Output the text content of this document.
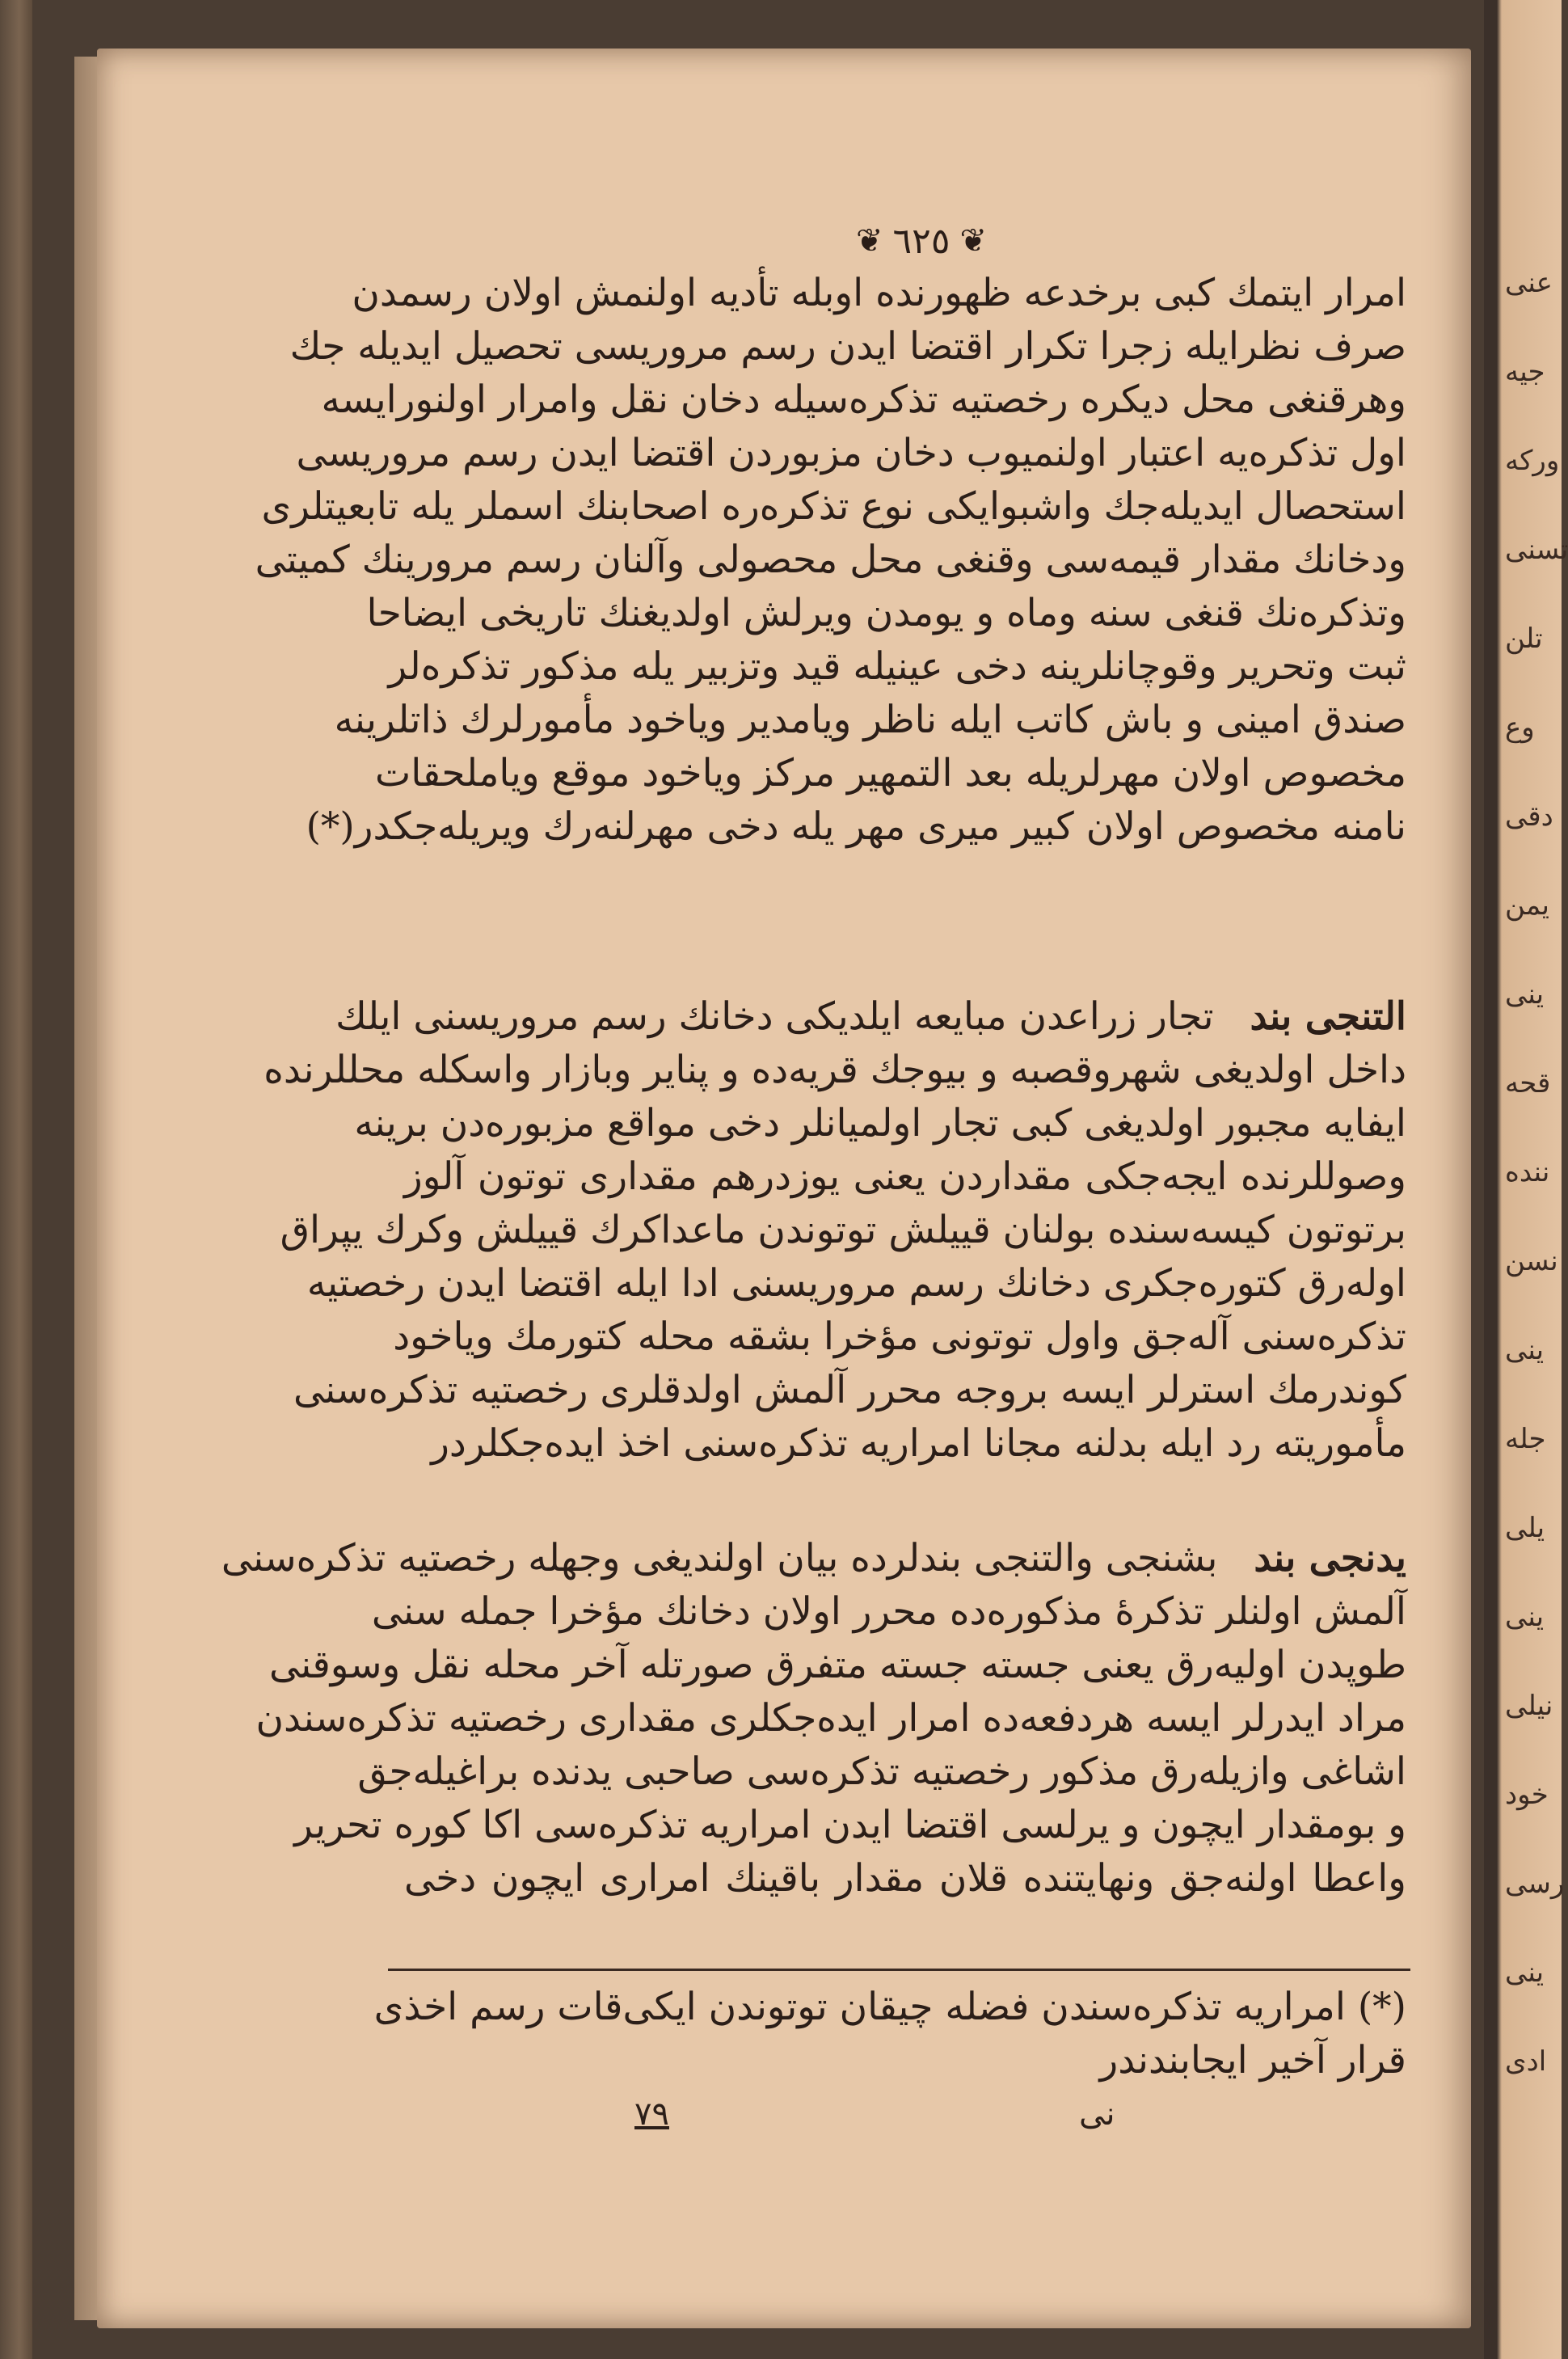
عنی
جیه
وركه
تسنی
تلن
وع
دقی
یمن
ینی
قحه
ننده
نسن
ینی
جله
یلی
ینی
نیلی
خود
رسی
ینی
ادی
❦ ٦٢٥ ❦
امرار ایتمك كبی برخدعه ظهورنده اوبله تأدیه اولنمش اولان رسمدن
صرف نظرایله زجرا تكرار اقتضا ایدن رسم مروریسی تحصیل ایدیله جك
وهرقنغی محل دیكره رخصتیه تذكره‌سیله دخان نقل وامرار اولنورایسه
اول تذكره‌یه اعتبار اولنمیوب دخان مزبوردن اقتضا ایدن رسم مروریسی
استحصال ایدیله‌جك واشبوایكی نوع تذكره‌ره اصحابنك اسملر یله تابعیتلری
ودخانك مقدار قیمه‌سی وقنغی محل محصولی وآلنان رسم مرورینك كمیتی
وتذكره‌نك قنغی سنه وماه و یومدن ویرلش اولدیغنك تاریخی ایضاحا
ثبت وتحریر وقوچانلرینه دخی عینیله قید وتزبیر یله مذكور تذكره‌لر
صندق امینی و باش كاتب ایله ناظر ویامدیر ویاخود مأمورلرك ذاتلرینه
مخصوص اولان مهرلریله بعد التمهیر مركز ویاخود موقع ویاملحقات
نامنه مخصوص اولان كبیر میری مهر یله دخی مهرلنه‌رك ویریله‌جكدر(*)
التنجی بند   تجار زراعدن مبایعه ایلدیكی دخانك رسم مروریسنی ایلك
داخل اولدیغی شهروقصبه و بیوجك قریه‌ده و پنایر وبازار واسكله محللرنده
ایفایه مجبور اولدیغی كبی تجار اولمیانلر دخی مواقع مزبوره‌دن برینه
وصوللرنده ایجه‌جكی مقداردن یعنی یوزدرهم مقداری توتون آلوز
برتوتون كیسه‌سنده بولنان قییلش توتوندن ماعداكرك قییلش وكرك یپراق
اوله‌رق كتوره‌جكری دخانك رسم مروریسنی ادا ایله اقتضا ایدن رخصتیه
تذكره‌سنی آله‌جق واول توتونی مؤخرا بشقه محله كتورمك وياخود
كوندرمك استرلر ایسه بروجه محرر آلمش اولدقلری رخصتیه تذكره‌سنی
مأموریته رد ایله بدلنه مجانا امراریه تذكره‌سنی اخذ ایده‌جكلردر
یدنجی بند   بشنجی والتنجی بندلرده بیان اولندیغی وجهله رخصتیه تذكره‌سنی
آلمش اولنلر تذكرهٔ مذكوره‌ده محرر اولان دخانك مؤخرا جمله سنی
طوپدن اولیه‌رق یعنی جسته جسته متفرق صورتله آخر محله نقل وسوقنی
مراد ایدرلر ایسه هردفعه‌ده امرار ایده‌جكلری مقداری رخصتیه تذكره‌سندن
اشاغی وازیله‌رق مذكور رخصتیه تذكره‌سی صاحبی یدنده براغیله‌جق
و بومقدار ایچون و یرلسی اقتضا ایدن امراریه تذكره‌سی اكا كوره تحریر
واعطا اولنه‌جق ونهایتنده قلان مقدار باقینك امراری ایچون دخی
(*) امراریه تذكره‌سندن فضله چیقان توتوندن ایكی‌قات رسم اخذی
قرار آخیر ایجابندندر
٧٩	نی
